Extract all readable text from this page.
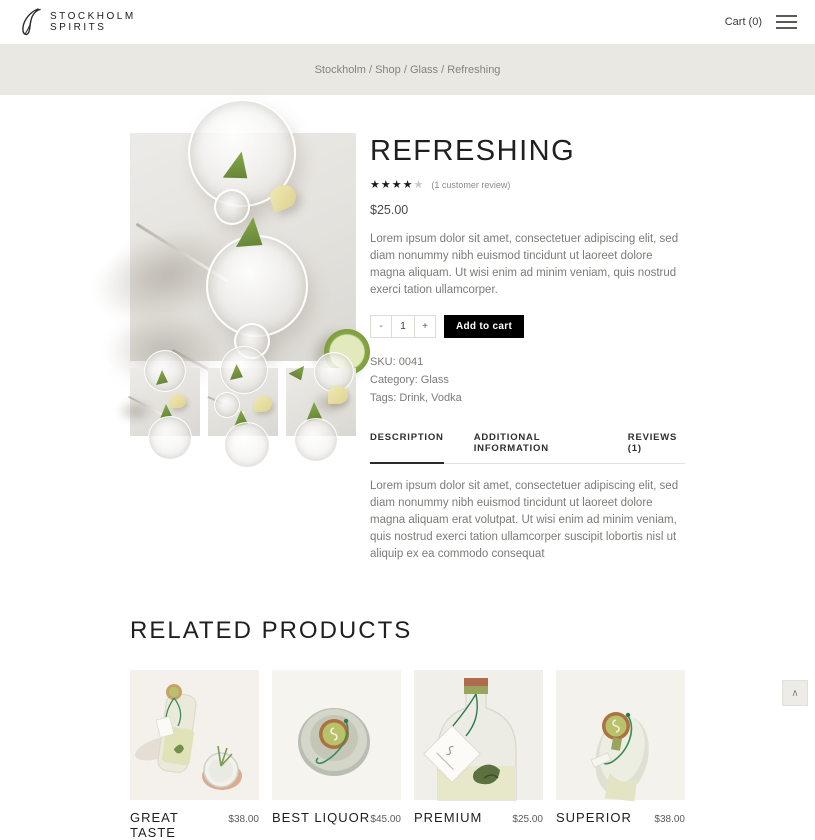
STOCKHOLM
SPIRITS	Cart (0)
Stockholm / Shop / Glass / Refreshing
REFRESHING
★★★★★ (1 customer review)
$25.00

Lorem ipsum dolor sit amet, consectetuer adipiscing elit, sed diam nonummy nibh euismod tincidunt ut laoreet dolore magna aliquam. Ut wisi enim ad minim veniam, quis nostrud exerci tation ullamcorper.

-	1	+	Add to cart
SKU: 0041
Category: Glass
Tags: Drink, Vodka
DESCRIPTION	ADDITIONAL INFORMATION
REVIEWS (1)

Lorem ipsum dolor sit amet, consectetuer adipiscing elit, sed diam nonummy nibh euismod tincidunt ut laoreet dolore magna aliquam erat volutpat. Ut wisi enim ad minim veniam, quis nostrud exerci tation ullamcorper suscipit lobortis nisl ut aliquip ex ea commodo consequat

RELATED PRODUCTS
GREAT TASTE
$38.00 BEST LIQUOR $45.00 PREMIUM	$25.00 SUPERIOR $38.00
∧
